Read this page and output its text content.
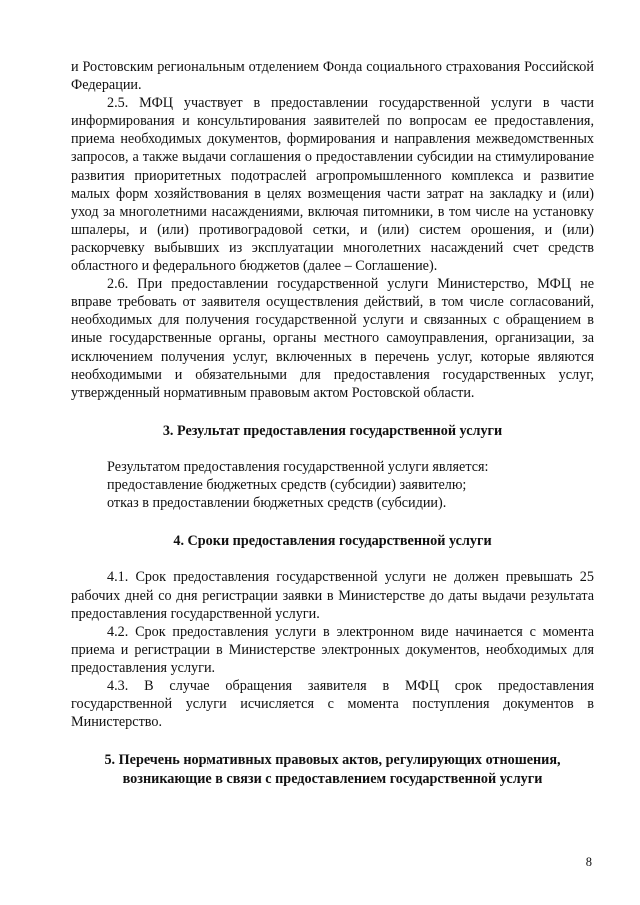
и Ростовским региональным отделением Фонда социального страхования Российской Федерации.

2.5. МФЦ участвует в предоставлении государственной услуги в части информирования и консультирования заявителей по вопросам ее предоставления, приема необходимых документов, формирования и направления межведомственных запросов, а также выдачи соглашения о предоставлении субсидии на стимулирование развития приоритетных подотраслей агропромышленного комплекса и развитие малых форм хозяйствования в целях возмещения части затрат на закладку и (или) уход за многолетними насаждениями, включая питомники, в том числе на установку шпалеры, и (или) противоградовой сетки, и (или) систем орошения, и (или) раскорчевку выбывших из эксплуатации многолетних насаждений счет средств областного и федерального бюджетов (далее – Соглашение).

2.6. При предоставлении государственной услуги Министерство, МФЦ не вправе требовать от заявителя осуществления действий, в том числе согласований, необходимых для получения государственной услуги и связанных с обращением в иные государственные органы, органы местного самоуправления, организации, за исключением получения услуг, включенных в перечень услуг, которые являются необходимыми и обязательными для предоставления государственных услуг, утвержденный нормативным правовым актом Ростовской области.

3. Результат предоставления государственной услуги

Результатом предоставления государственной услуги является:

предоставление бюджетных средств (субсидии) заявителю;

отказ в предоставлении бюджетных средств (субсидии).

4. Сроки предоставления государственной услуги

4.1. Срок предоставления государственной услуги не должен превышать 25 рабочих дней со дня регистрации заявки в Министерстве до даты выдачи результата предоставления государственной услуги.

4.2. Срок предоставления услуги в электронном виде начинается с момента приема и регистрации в Министерстве электронных документов, необходимых для предоставления услуги.

4.3. В случае обращения заявителя в МФЦ срок предоставления государственной услуги исчисляется с момента поступления документов в Министерство.

5. Перечень нормативных правовых актов, регулирующих отношения, возникающие в связи с предоставлением государственной услуги

8
